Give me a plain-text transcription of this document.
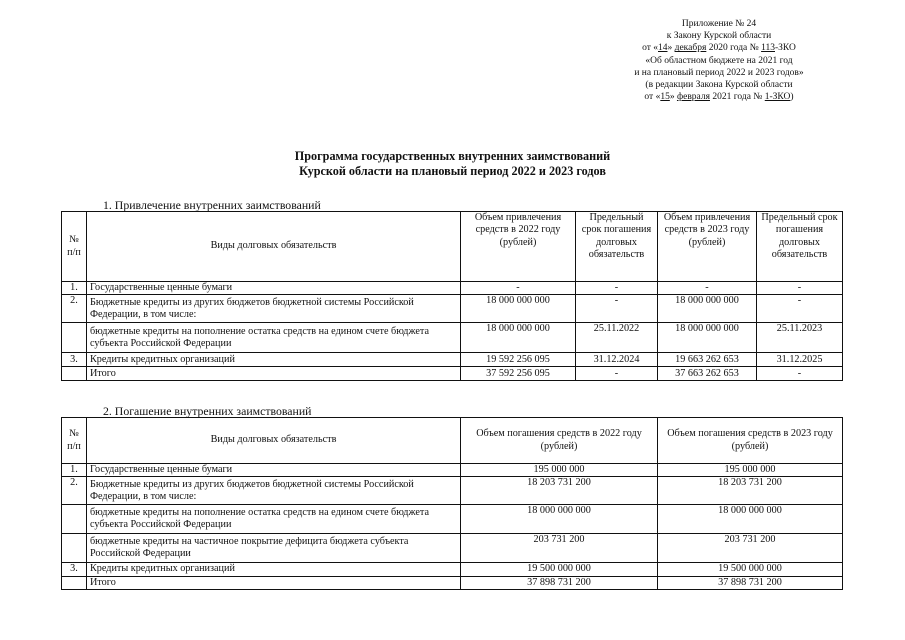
Приложение № 24
к Закону Курской области
от «14» декабря 2020 года № 113-ЗКО
«Об областном бюджете на 2021 год
и на плановый период 2022 и 2023 годов»
(в редакции Закона Курской области
от «15» февраля 2021 года № 1-ЗКО)
Программа государственных внутренних заимствований
Курской области на плановый период 2022 и 2023 годов
1. Привлечение внутренних заимствований
№ п/п	Виды долговых обязательств	Объем привлечения средств в 2022 году (рублей)	Предельный срок погашения долговых обязательств	Объем привлечения средств в 2023 году (рублей)	Предельный срок погашения долговых обязательств
1.	Государственные ценные бумаги	-	-	-	-
2.	Бюджетные кредиты из других бюджетов бюджетной системы Российской Федерации, в том числе:	18 000 000 000	-	18 000 000 000	-
	бюджетные кредиты на пополнение остатка средств на едином счете бюджета субъекта Российской Федерации	18 000 000 000	25.11.2022	18 000 000 000	25.11.2023
3.	Кредиты кредитных организаций	19 592 256 095	31.12.2024	19 663 262 653	31.12.2025
	Итого	37 592 256 095	-	37 663 262 653	-
2. Погашение внутренних заимствований
№ п/п	Виды долговых обязательств	Объем погашения средств в 2022 году (рублей)	Объем погашения средств в 2023 году (рублей)
1.	Государственные ценные бумаги	195 000 000	195 000 000
2.	Бюджетные кредиты из других бюджетов бюджетной системы Российской Федерации, в том числе:	18 203 731 200	18 203 731 200
	бюджетные кредиты на пополнение остатка средств на едином счете бюджета субъекта Российской Федерации	18 000 000 000	18 000 000 000
	бюджетные кредиты на частичное покрытие дефицита бюджета субъекта Российской Федерации	203 731 200	203 731 200
3.	Кредиты кредитных организаций	19 500 000 000	19 500 000 000
	Итого	37 898 731 200	37 898 731 200
